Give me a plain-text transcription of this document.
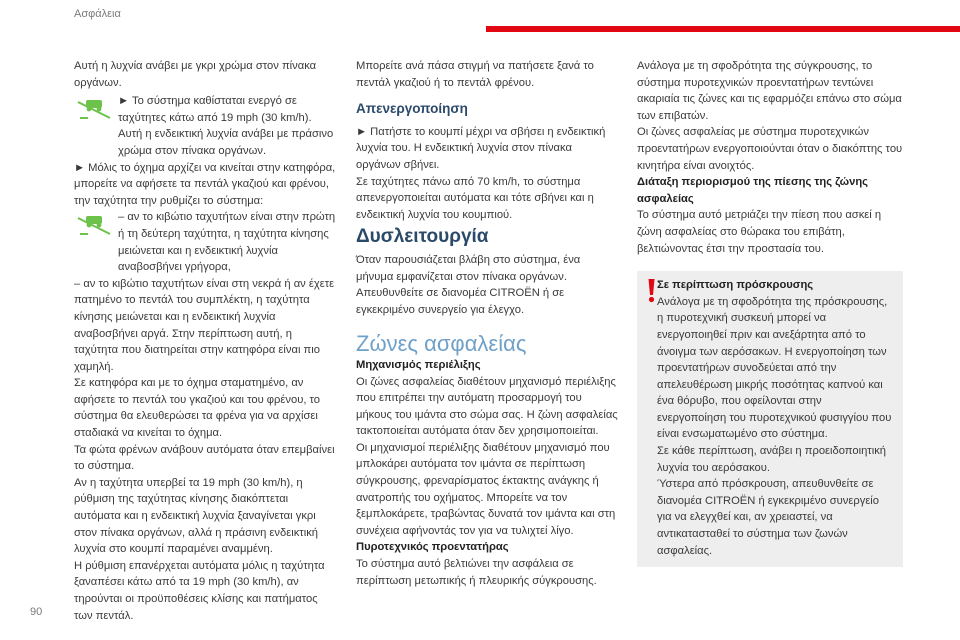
Ασφάλεια

Αυτή η λυχνία ανάβει με γκρι χρώμα στον πίνακα οργάνων.

► Το σύστημα καθίσταται ενεργό σε ταχύτητες κάτω από 19 mph (30 km/h). Αυτή η ενδεικτική λυχνία ανάβει με πράσινο χρώμα στον πίνακα οργάνων.

► Μόλις το όχημα αρχίζει να κινείται στην κατηφόρα, μπορείτε να αφήσετε τα πεντάλ γκαζιού και φρένου, την ταχύτητα την ρυθμίζει το σύστημα:

– αν το κιβώτιο ταχυτήτων είναι στην πρώτη ή τη δεύτερη ταχύτητα, η ταχύτητα κίνησης μειώνεται και η ενδεικτική λυχνία αναβοσβήνει γρήγορα,

– αν το κιβώτιο ταχυτήτων είναι στη νεκρά ή αν έχετε πατημένο το πεντάλ του συμπλέκτη, η ταχύτητα κίνησης μειώνεται και η ενδεικτική λυχνία αναβοσβήνει αργά. Στην περίπτωση αυτή, η ταχύτητα που διατηρείται στην κατηφόρα είναι πιο χαμηλή.

Σε κατηφόρα και με το όχημα σταματημένο, αν αφήσετε το πεντάλ του γκαζιού και του φρένου, το σύστημα θα ελευθερώσει τα φρένα για να αρχίσει σταδιακά να κινείται το όχημα.

Τα φώτα φρένων ανάβουν αυτόματα όταν επεμβαίνει το σύστημα.

Αν η ταχύτητα υπερβεί τα 19 mph (30 km/h), η ρύθμιση της ταχύτητας κίνησης διακόπτεται αυτόματα και η ενδεικτική λυχνία ξαναγίνεται γκρι στον πίνακα οργάνων, αλλά η πράσινη ενδεικτική λυχνία στο κουμπί παραμένει αναμμένη.

Η ρύθμιση επανέρχεται αυτόματα μόλις η ταχύτητα ξαναπέσει κάτω από τα 19 mph (30 km/h), αν τηρούνται οι προϋποθέσεις κλίσης και πατήματος των πεντάλ.

Μπορείτε ανά πάσα στιγμή να πατήσετε ξανά το πεντάλ γκαζιού ή το πεντάλ φρένου.

Απενεργοποίηση

► Πατήστε το κουμπί μέχρι να σβήσει η ενδεικτική λυχνία του. Η ενδεικτική λυχνία στον πίνακα οργάνων σβήνει.

Σε ταχύτητες πάνω από 70 km/h, το σύστημα απενεργοποιείται αυτόματα και τότε σβήνει και η ενδεικτική λυχνία του κουμπιού.

Δυσλειτουργία

Όταν παρουσιάζεται βλάβη στο σύστημα, ένα μήνυμα εμφανίζεται στον πίνακα οργάνων.

Απευθυνθείτε σε διανομέα CITROËN ή σε εγκεκριμένο συνεργείο για έλεγχο.

Ζώνες ασφαλείας

Μηχανισμός περιέλιξης

Οι ζώνες ασφαλείας διαθέτουν μηχανισμό περιέλιξης που επιτρέπει την αυτόματη προσαρμογή του μήκους του ιμάντα στο σώμα σας. Η ζώνη ασφαλείας τακτοποιείται αυτόματα όταν δεν χρησιμοποιείται.

Οι μηχανισμοί περιέλιξης διαθέτουν μηχανισμό που μπλοκάρει αυτόματα τον ιμάντα σε περίπτωση σύγκρουσης, φρεναρίσματος έκτακτης ανάγκης ή ανατροπής του οχήματος. Μπορείτε να τον ξεμπλοκάρετε, τραβώντας δυνατά τον ιμάντα και στη συνέχεια αφήνοντάς τον για να τυλιχτεί λίγο.

Πυροτεχνικός προεντατήρας

Το σύστημα αυτό βελτιώνει την ασφάλεια σε περίπτωση μετωπικής ή πλευρικής σύγκρουσης.

Ανάλογα με τη σφοδρότητα της σύγκρουσης, το σύστημα πυροτεχνικών προεντατήρων τεντώνει ακαριαία τις ζώνες και τις εφαρμόζει επάνω στο σώμα των επιβατών.

Οι ζώνες ασφαλείας με σύστημα πυροτεχνικών προεντατήρων ενεργοποιούνται όταν ο διακόπτης του κινητήρα είναι ανοιχτός.

Διάταξη περιορισμού της πίεσης της ζώνης ασφαλείας

Το σύστημα αυτό μετριάζει την πίεση που ασκεί η ζώνη ασφαλείας στο θώρακα του επιβάτη, βελτιώνοντας έτσι την προστασία του.

Σε περίπτωση πρόσκρουσης

Ανάλογα με τη σφοδρότητα της πρόσκρουσης, η πυροτεχνική συσκευή μπορεί να ενεργοποιηθεί πριν και ανεξάρτητα από το άνοιγμα των αερόσακων. Η ενεργοποίηση των προεντατήρων συνοδεύεται από την απελευθέρωση μικρής ποσότητας καπνού και ένα θόρυβο, που οφείλονται στην ενεργοποίηση του πυροτεχνικού φυσιγγίου που είναι ενσωματωμένο στο σύστημα.

Σε κάθε περίπτωση, ανάβει η προειδοποιητική λυχνία του αερόσακου.

Ύστερα από πρόσκρουση, απευθυνθείτε σε διανομέα CITROËN ή εγκεκριμένο συνεργείο για να ελεγχθεί και, αν χρειαστεί, να αντικατασταθεί το σύστημα των ζωνών ασφαλείας.

90
